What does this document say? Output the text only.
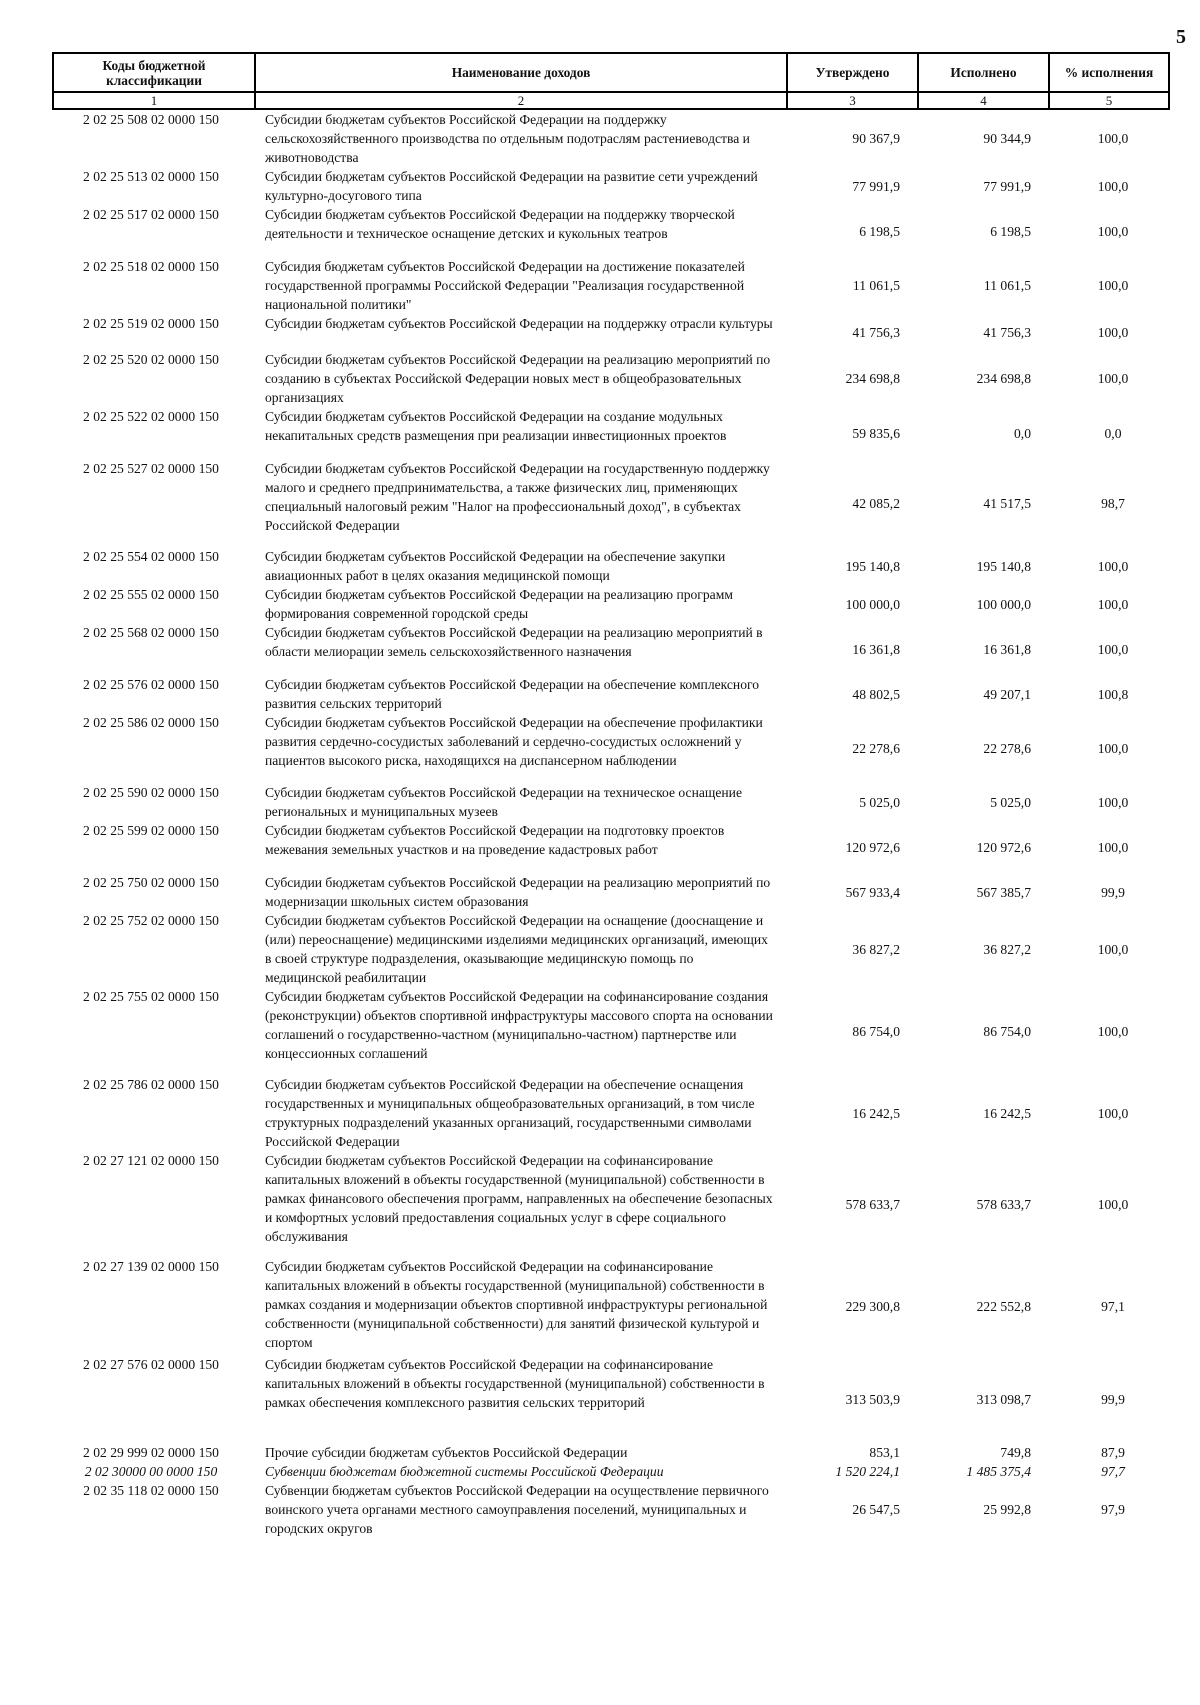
5
Коды бюджетной классификации	Наименование доходов	Утверждено	Исполнено	% исполнения
1	2	3	4	5
2 02 25 508 02 0000 150	Субсидии бюджетам субъектов Российской Федерации на поддержку сельскохозяйственного производства по отдельным подотраслям растениеводства и животноводства	90 367,9	90 344,9	100,0
2 02 25 513 02 0000 150	Субсидии бюджетам субъектов Российской Федерации на развитие сети учреждений культурно-досугового типа	77 991,9	77 991,9	100,0
2 02 25 517 02 0000 150	Субсидии бюджетам субъектов Российской Федерации на поддержку творческой деятельности и техническое оснащение детских и кукольных театров	6 198,5	6 198,5	100,0
2 02 25 518 02 0000 150	Субсидия бюджетам субъектов Российской Федерации на достижение показателей государственной программы Российской Федерации "Реализация государственной национальной политики"	11 061,5	11 061,5	100,0
2 02 25 519 02 0000 150	Субсидии бюджетам субъектов Российской Федерации на поддержку отрасли культуры	41 756,3	41 756,3	100,0
2 02 25 520 02 0000 150	Субсидии бюджетам субъектов Российской Федерации на реализацию мероприятий по созданию в субъектах Российской Федерации новых мест в общеобразовательных организациях	234 698,8	234 698,8	100,0
2 02 25 522 02 0000 150	Субсидии бюджетам субъектов Российской Федерации на создание модульных некапитальных средств размещения при реализации инвестиционных проектов	59 835,6	0,0	0,0
2 02 25 527 02 0000 150	Субсидии бюджетам субъектов Российской Федерации на государственную поддержку малого и среднего предпринимательства, а также физических лиц, применяющих специальный налоговый режим "Налог на профессиональный доход", в субъектах Российской Федерации	42 085,2	41 517,5	98,7
2 02 25 554 02 0000 150	Субсидии бюджетам субъектов Российской Федерации на обеспечение закупки авиационных работ в целях оказания медицинской помощи	195 140,8	195 140,8	100,0
2 02 25 555 02 0000 150	Субсидии бюджетам субъектов Российской Федерации на реализацию программ формирования современной городской среды	100 000,0	100 000,0	100,0
2 02 25 568 02 0000 150	Субсидии бюджетам субъектов Российской Федерации на реализацию мероприятий в области мелиорации земель сельскохозяйственного назначения	16 361,8	16 361,8	100,0
2 02 25 576 02 0000 150	Субсидии бюджетам субъектов Российской Федерации на обеспечение комплексного развития сельских территорий	48 802,5	49 207,1	100,8
2 02 25 586 02 0000 150	Субсидии бюджетам субъектов Российской Федерации на обеспечение профилактики развития сердечно-сосудистых заболеваний и сердечно-сосудистых осложнений у пациентов высокого риска, находящихся на диспансерном наблюдении	22 278,6	22 278,6	100,0
2 02 25 590 02 0000 150	Субсидии бюджетам субъектов Российской Федерации на техническое оснащение региональных и муниципальных музеев	5 025,0	5 025,0	100,0
2 02 25 599 02 0000 150	Субсидии бюджетам субъектов Российской Федерации на подготовку проектов межевания земельных участков и на проведение кадастровых работ	120 972,6	120 972,6	100,0
2 02 25 750 02 0000 150	Субсидии бюджетам субъектов Российской Федерации на реализацию мероприятий по модернизации школьных систем образования	567 933,4	567 385,7	99,9
2 02 25 752 02 0000 150	Субсидии бюджетам субъектов Российской Федерации на оснащение (дооснащение и (или) переоснащение) медицинскими изделиями медицинских организаций, имеющих в своей структуре подразделения, оказывающие медицинскую помощь по медицинской реабилитации	36 827,2	36 827,2	100,0
2 02 25 755 02 0000 150	Субсидии бюджетам субъектов Российской Федерации на софинансирование создания (реконструкции) объектов спортивной инфраструктуры массового спорта на основании соглашений о государственно-частном (муниципально-частном) партнерстве или концессионных соглашений	86 754,0	86 754,0	100,0
2 02 25 786 02 0000 150	Субсидии бюджетам субъектов Российской Федерации на обеспечение оснащения государственных и муниципальных общеобразовательных организаций, в том числе структурных подразделений указанных организаций, государственными символами Российской Федерации	16 242,5	16 242,5	100,0
2 02 27 121 02 0000 150	Субсидии бюджетам субъектов Российской Федерации на софинансирование капитальных вложений в объекты государственной (муниципальной) собственности в рамках финансового обеспечения программ, направленных на обеспечение безопасных и комфортных условий предоставления социальных услуг в сфере социального обслуживания	578 633,7	578 633,7	100,0
2 02 27 139 02 0000 150	Субсидии бюджетам субъектов Российской Федерации на софинансирование капитальных вложений в объекты государственной (муниципальной) собственности в рамках создания и модернизации объектов спортивной инфраструктуры региональной собственности (муниципальной собственности) для занятий физической культурой и спортом	229 300,8	222 552,8	97,1
2 02 27 576 02 0000 150	Субсидии бюджетам субъектов Российской Федерации на софинансирование капитальных вложений в объекты государственной (муниципальной) собственности в рамках обеспечения комплексного развития сельских территорий	313 503,9	313 098,7	99,9
2 02 29 999 02 0000 150	Прочие субсидии бюджетам субъектов Российской Федерации	853,1	749,8	87,9
2 02 30000 00 0000 150	Субвенции бюджетам бюджетной системы Российской Федерации	1 520 224,1	1 485 375,4	97,7
2 02 35 118 02 0000 150	Субвенции бюджетам субъектов Российской Федерации на осуществление первичного воинского учета органами местного самоуправления поселений, муниципальных и городских округов	26 547,5	25 992,8	97,9
